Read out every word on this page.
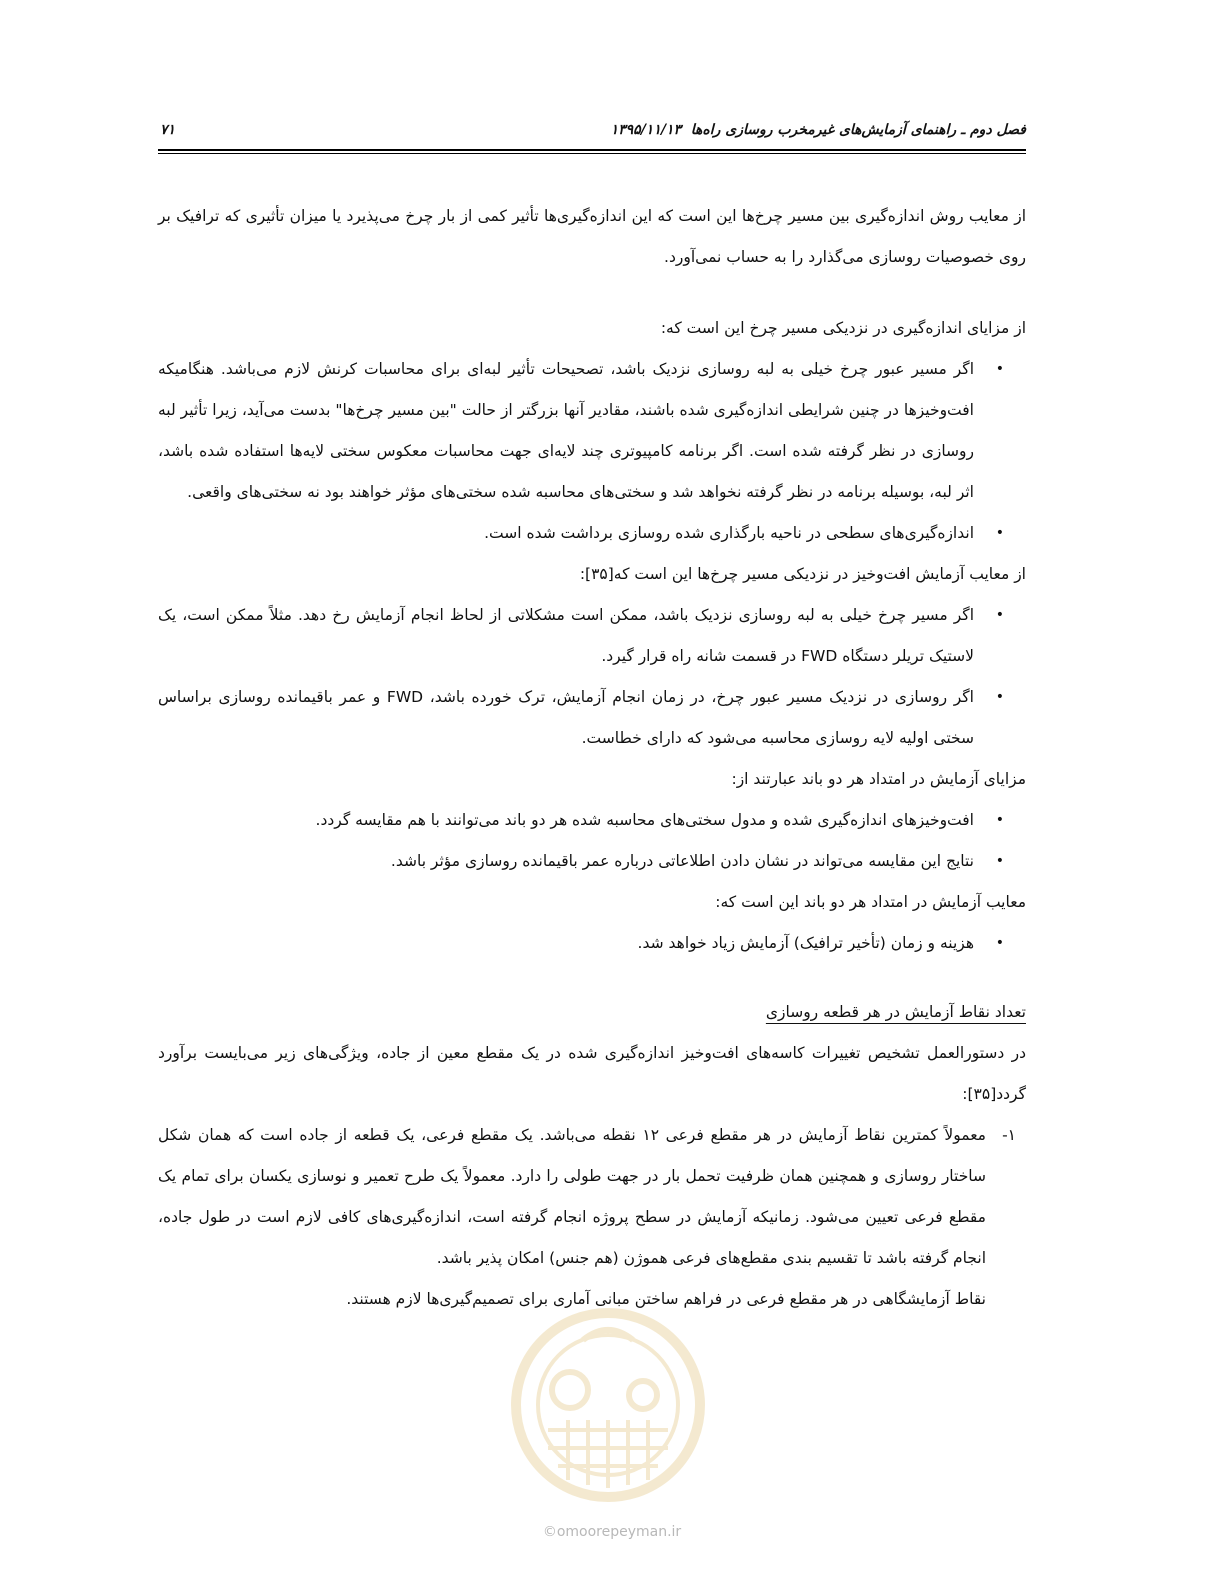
فصل دوم ـ راهنمای آزمایش‌های غیرمخرب روسازی راه‌ها
۱۳۹۵/۱۱/۱۳
۷۱

از معایب روش اندازه‌گیری بین مسیر چرخ‌ها این است که این اندازه‌گیری‌ها تأثیر کمی از بار چرخ می‌پذیرد یا میزان تأثیری که ترافیک بر روی خصوصیات روسازی می‌گذارد را به حساب نمی‌آورد.

از مزایای اندازه‌گیری در نزدیکی مسیر چرخ این است که:

•
اگر مسیر عبور چرخ خیلی به لبه روسازی نزدیک باشد، تصحیحات تأثیر لبه‌ای برای محاسبات کرنش لازم می‌باشد. هنگامیکه افت‌وخیزها در چنین شرایطی اندازه‌گیری شده باشند، مقادیر آنها بزرگتر از حالت "بین مسیر چرخ‌ها" بدست می‌آید، زیرا تأثیر لبه روسازی در نظر گرفته شده است. اگر برنامه کامپیوتری چند لایه‌ای جهت محاسبات معکوس سختی لایه‌ها استفاده شده باشد، اثر لبه، بوسیله برنامه در نظر گرفته نخواهد شد و سختی‌های محاسبه شده سختی‌های مؤثر خواهند بود نه سختی‌های واقعی.
•
اندازه‌گیری‌های سطحی در ناحیه بارگذاری شده روسازی برداشت شده است.

از معایب آزمایش افت‌وخیز در نزدیکی مسیر چرخ‌ها این است که[۳۵]:

•
اگر مسیر چرخ خیلی به لبه روسازی نزدیک باشد، ممکن است مشکلاتی از لحاظ انجام آزمایش رخ دهد. مثلاً ممکن است، یک لاستیک تریلر دستگاه FWD در قسمت شانه راه قرار گیرد.
•
اگر روسازی در نزدیک مسیر عبور چرخ، در زمان انجام آزمایش، ترک خورده باشد، FWD و عمر باقیمانده روسازی براساس سختی اولیه لایه روسازی محاسبه می‌شود که دارای خطاست.

مزایای آزمایش در امتداد هر دو باند عبارتند از:

•
افت‌وخیزهای اندازه‌گیری شده و مدول سختی‌های محاسبه شده هر دو باند می‌توانند با هم مقایسه گردد.
•
نتایج این مقایسه می‌تواند در نشان دادن اطلاعاتی درباره عمر باقیمانده روسازی مؤثر باشد.

معایب آزمایش در امتداد هر دو باند این است که:

•
هزینه و زمان (تأخیر ترافیک) آزمایش زیاد خواهد شد.

تعداد نقاط آزمایش در هر قطعه روسازی

در دستورالعمل تشخیص تغییرات کاسه‌های افت‌وخیز اندازه‌گیری شده در یک مقطع معین از جاده، ویژگی‌های زیر می‌بایست برآورد گردد[۳۵]:

۱-
معمولاً کمترین نقاط آزمایش در هر مقطع فرعی ۱۲ نقطه می‌باشد. یک مقطع فرعی، یک قطعه از جاده است که همان شکل ساختار روسازی و همچنین همان ظرفیت تحمل بار در جهت طولی را دارد. معمولاً یک طرح تعمیر و نوسازی یکسان برای تمام یک مقطع فرعی تعیین می‌شود. زمانیکه آزمایش در سطح پروژه انجام گرفته است، اندازه‌گیری‌های کافی لازم است در طول جاده، انجام گرفته باشد تا تقسیم بندی مقطع‌های فرعی هموژن (هم جنس) امکان پذیر باشد.

نقاط آزمایشگاهی در هر مقطع فرعی در فراهم ساختن مبانی آماری برای تصمیم‌گیری‌ها لازم هستند.

©omoorepeyman.ir
